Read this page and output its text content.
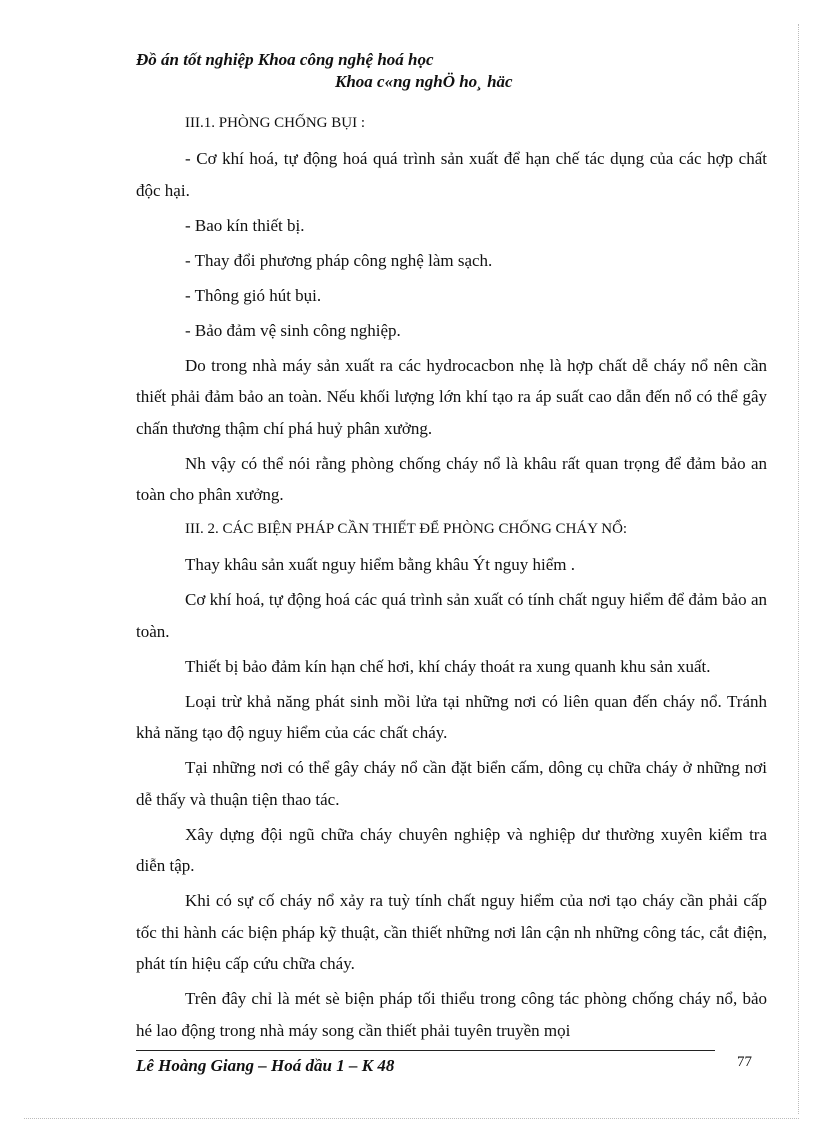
Đồ án tốt nghiệp Khoa công nghệ hoá học
Khoa c«ng nghÖ ho¸ häc

III.1. PHÒNG CHỐNG BỤI :

- Cơ khí hoá, tự động hoá quá trình sản xuất để hạn chế tác dụng của các hợp chất độc hại.

- Bao kín thiết bị.

- Thay đổi phương pháp công nghệ làm sạch.

- Thông gió hút bụi.

- Bảo đảm vệ sinh công nghiệp.

Do trong nhà máy sản xuất ra các hydrocacbon nhẹ là hợp chất dễ cháy nổ nên cần thiết phải đảm bảo an toàn. Nếu khối lượng lớn khí tạo ra áp suất cao dẫn đến nổ có thể gây chấn thương thậm chí phá huỷ phân xưởng.

Nh vậy có thể nói rằng phòng chống cháy nổ là khâu rất quan trọng để đảm bảo an toàn cho phân xưởng.

III. 2. CÁC BIỆN PHÁP CẦN THIẾT ĐỂ PHÒNG CHỐNG CHÁY NỔ:

Thay khâu sản xuất nguy hiểm bằng khâu Ýt nguy hiểm .

Cơ khí hoá, tự động hoá các quá trình sản xuất có tính chất nguy hiểm để đảm bảo an toàn.

Thiết bị bảo đảm kín hạn chế hơi, khí cháy thoát ra xung quanh khu sản xuất.

Loại trừ khả năng phát sinh mồi lửa tại những nơi có liên quan đến cháy nổ. Tránh khả năng tạo độ nguy hiểm của các chất cháy.

Tại những nơi có thể gây cháy nổ cần đặt biển cấm, dông cụ chữa cháy ở những nơi dễ thấy và thuận tiện thao tác.

Xây dựng đội ngũ chữa cháy chuyên nghiệp và nghiệp dư thường xuyên kiểm tra diễn tập.

Khi có sự cố cháy nổ xảy ra tuỳ tính chất nguy hiểm của nơi tạo cháy cần phải cấp tốc thi hành các biện pháp kỹ thuật, cần thiết những nơi lân cận nh những công tác, cắt điện, phát tín hiệu cấp cứu chữa cháy.

Trên đây chỉ là mét sè biện pháp tối thiểu trong công tác phòng chống cháy nổ, bảo hé lao động trong nhà máy song cần thiết phải tuyên truyền mọi

Lê Hoàng Giang – Hoá dầu 1 – K 48	77
